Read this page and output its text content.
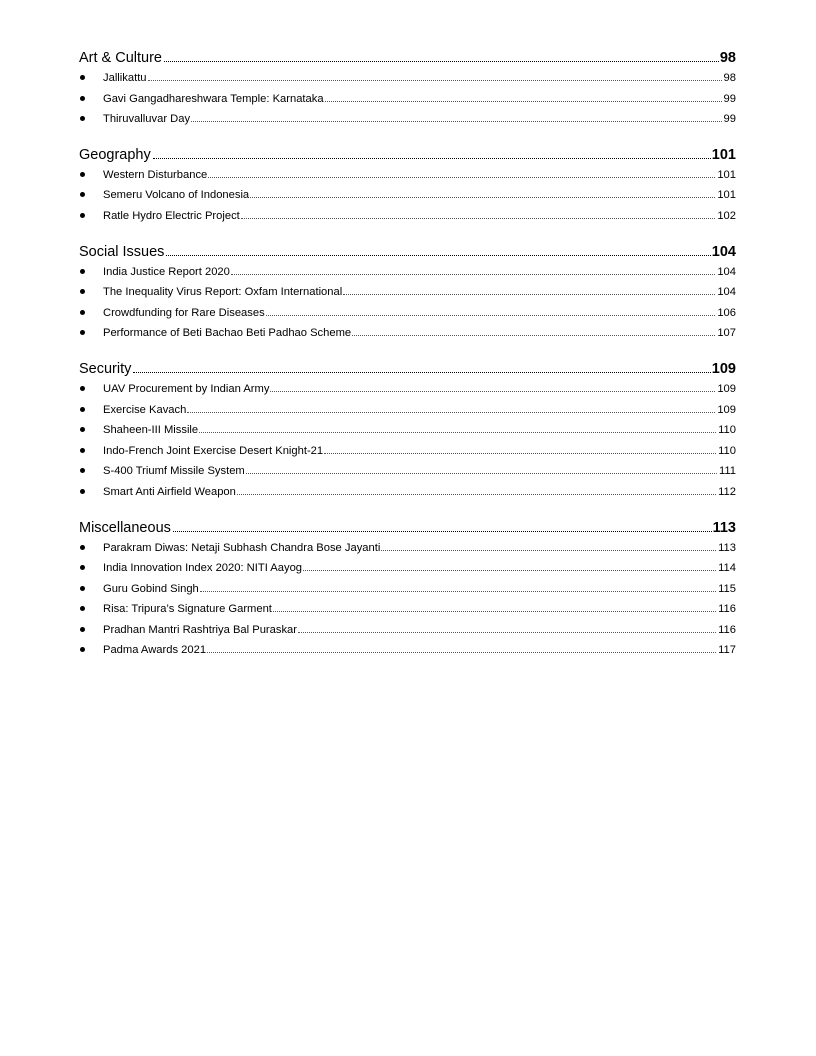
Art & Culture	98
Jallikattu	98
Gavi Gangadhareshwara Temple: Karnataka	99
Thiruvalluvar Day	99
Geography	101
Western Disturbance	101
Semeru Volcano of Indonesia	101
Ratle Hydro Electric Project	102
Social Issues	104
India Justice Report 2020	104
The Inequality Virus Report: Oxfam International	104
Crowdfunding for Rare Diseases	106
Performance of Beti Bachao Beti Padhao Scheme	107
Security	109
UAV Procurement by Indian Army	109
Exercise Kavach	109
Shaheen-III Missile	110
Indo-French Joint Exercise Desert Knight-21	110
S-400 Triumf Missile System	111
Smart Anti Airfield Weapon	112
Miscellaneous	113
Parakram Diwas: Netaji Subhash Chandra Bose Jayanti	113
India Innovation Index 2020: NITI Aayog	114
Guru Gobind Singh	115
Risa: Tripura’s Signature Garment	116
Pradhan Mantri Rashtriya Bal Puraskar	116
Padma Awards 2021	117
